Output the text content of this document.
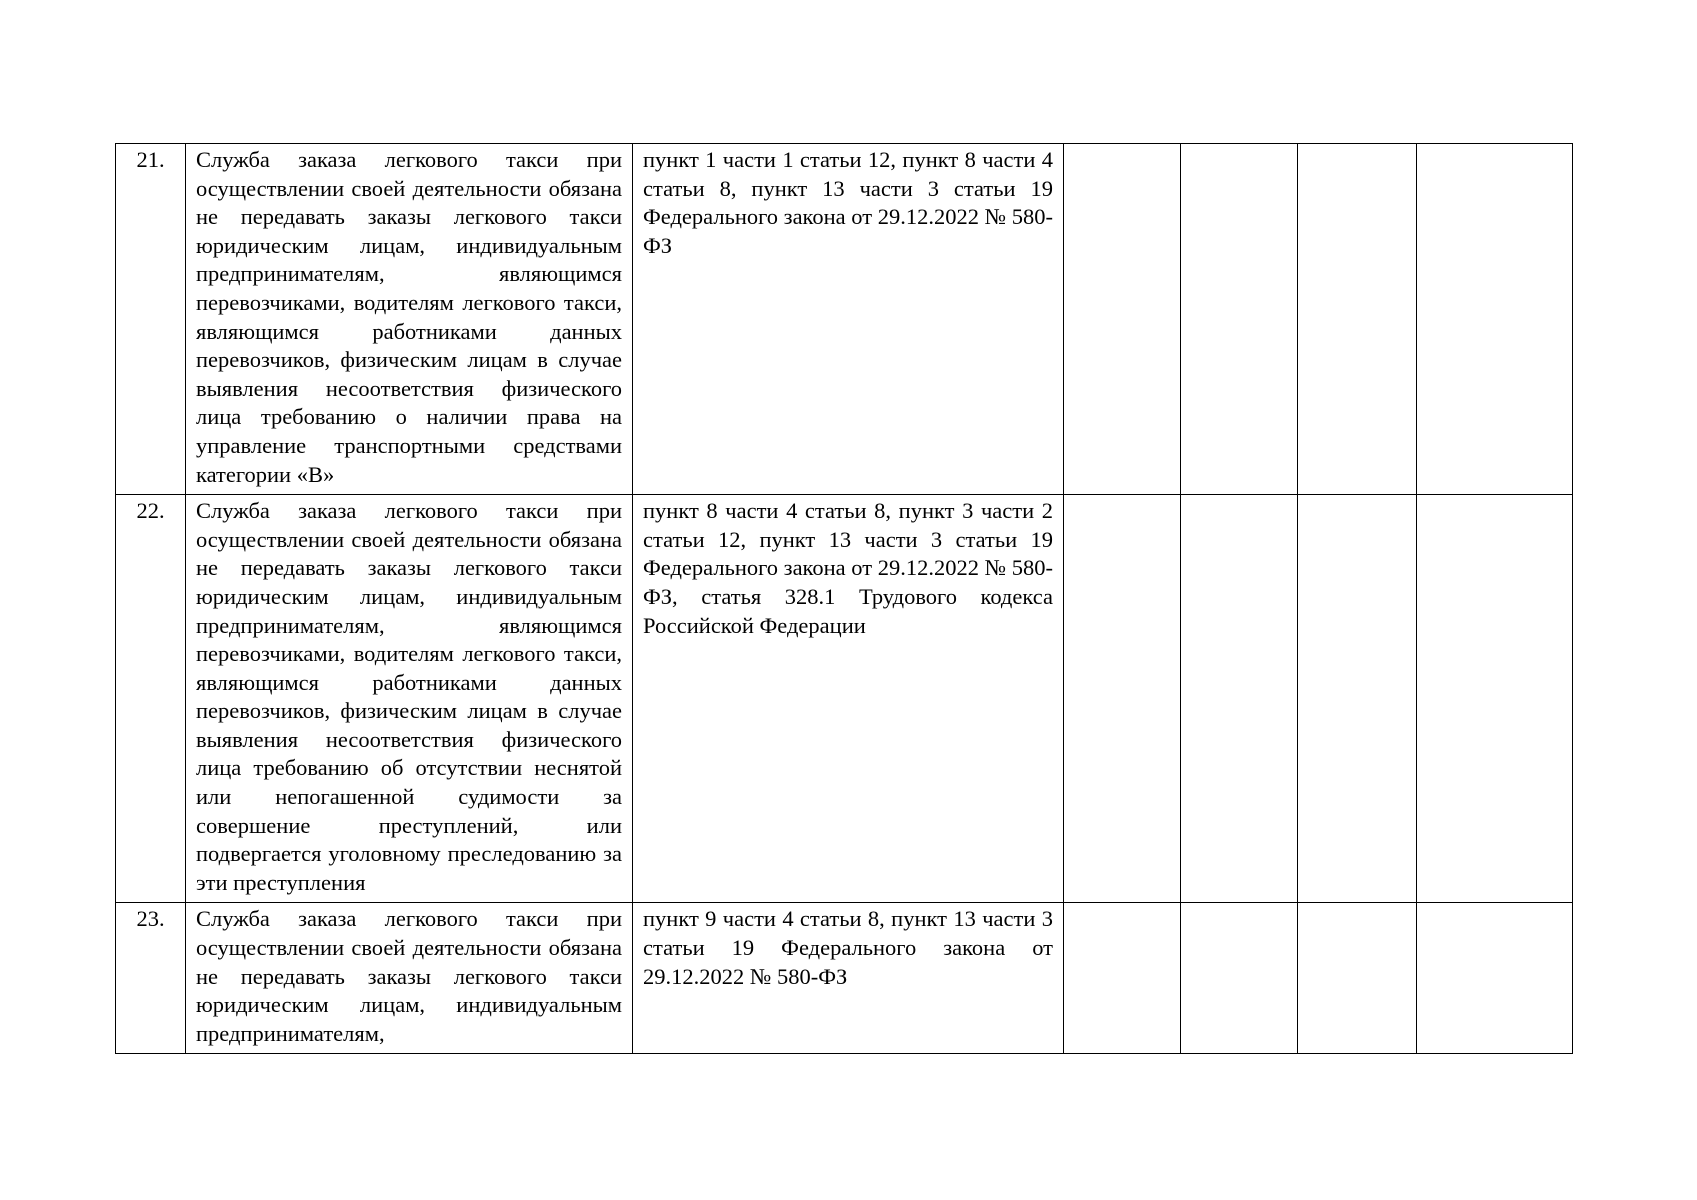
21.	Служба заказа легкового такси при осуществлении своей деятельности обязана не передавать заказы легкового такси юридическим лицам, индивидуальным предпринимателям, являющимся перевозчиками, водителям легкового такси, являющимся работниками данных перевозчиков, физическим лицам в случае выявления несоответствия физического лица требованию о наличии права на управление транспортными средствами категории «В»	пункт 1 части 1 статьи 12, пункт 8 части 4 статьи 8, пункт 13 части 3 статьи 19 Федерального закона от 29.12.2022 № 580-ФЗ				
22.	Служба заказа легкового такси при осуществлении своей деятельности обязана не передавать заказы легкового такси юридическим лицам, индивидуальным предпринимателям, являющимся перевозчиками, водителям легкового такси, являющимся работниками данных перевозчиков, физическим лицам в случае выявления несоответствия физического лица требованию об отсутствии неснятой или непогашенной судимости за совершение преступлений, или подвергается уголовному преследованию за эти преступления	пункт 8 части 4 статьи 8, пункт 3 части 2 статьи 12, пункт 13 части 3 статьи 19 Федерального закона от 29.12.2022 № 580-ФЗ, статья 328.1 Трудового кодекса Российской Федерации				
23.	Служба заказа легкового такси при осуществлении своей деятельности обязана не передавать заказы легкового такси юридическим лицам, индивидуальным предпринимателям,	пункт 9 части 4 статьи 8, пункт 13 части 3 статьи 19 Федерального закона от 29.12.2022 № 580-ФЗ				
